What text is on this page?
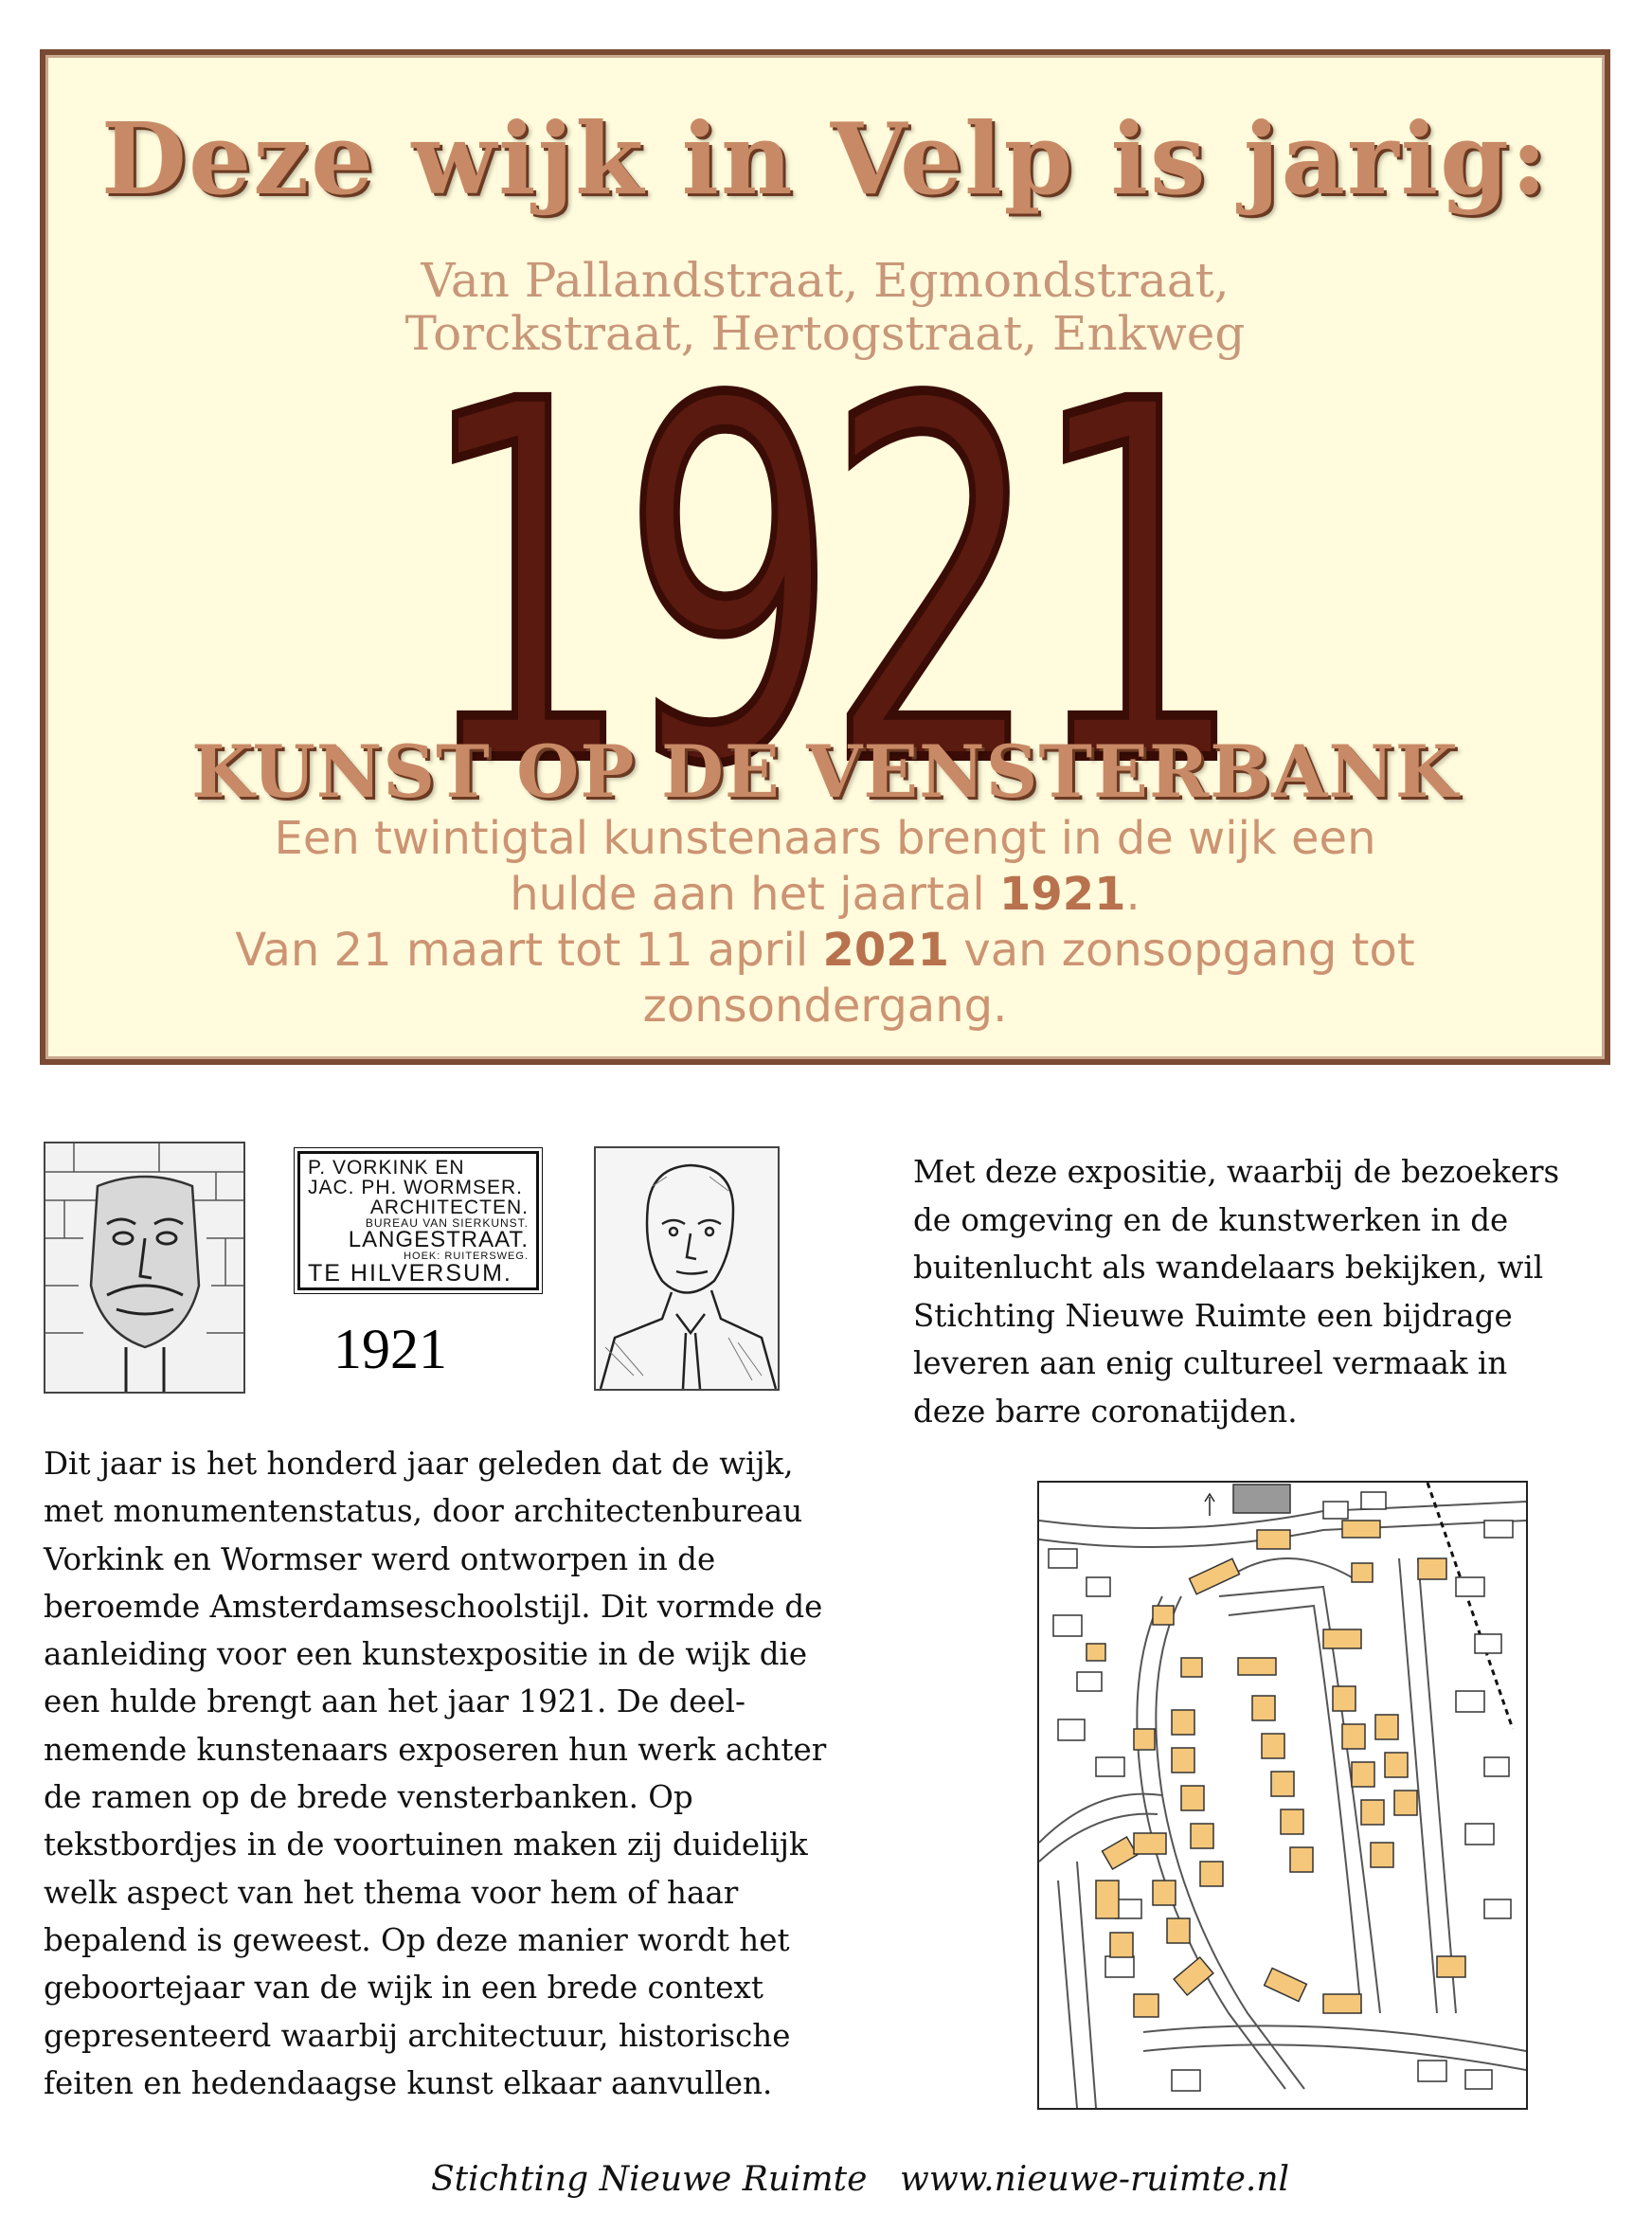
Deze wijk in Velp is jarig:
Van Pallandstraat, Egmondstraat,
Torckstraat, Hertogstraat, Enkweg
1921
KUNST OP DE VENSTERBANK
Een twintigtal kunstenaars brengt in de wijk een
hulde aan het jaartal 1921.
Van 21 maart tot 11 april 2021 van zonsopgang tot
zonsondergang.
P. VORKINK EN
JAC. PH. WORMSER.
ARCHITECTEN.
BUREAU VAN SIERKUNST.
LANGESTRAAT.
HOEK: RUITERSWEG.
TE HILVERSUM.
1921
Met deze expositie, waarbij de bezoekers
de omgeving en de kunstwerken in de
buitenlucht als wandelaars bekijken, wil
Stichting Nieuwe Ruimte een bijdrage
leveren aan enig cultureel vermaak in
deze barre coronatijden.
Dit jaar is het honderd jaar geleden dat de wijk,
met monumentenstatus, door architectenbureau
Vorkink en Wormser werd ontworpen in de
beroemde Amsterdamseschoolstijl. Dit vormde de
aanleiding voor een kunstexpositie in de wijk die
een hulde brengt aan het jaar 1921. De deel-
nemende kunstenaars exposeren hun werk achter
de ramen op de brede vensterbanken. Op
tekstbordjes in de voortuinen maken zij duidelijk
welk aspect van het thema voor hem of haar
bepalend is geweest. Op deze manier wordt het
geboortejaar van de wijk in een brede context
gepresenteerd waarbij architectuur, historische
feiten en hedendaagse kunst elkaar aanvullen.
Stichting Nieuwe Ruimte www.nieuwe-ruimte.nl
